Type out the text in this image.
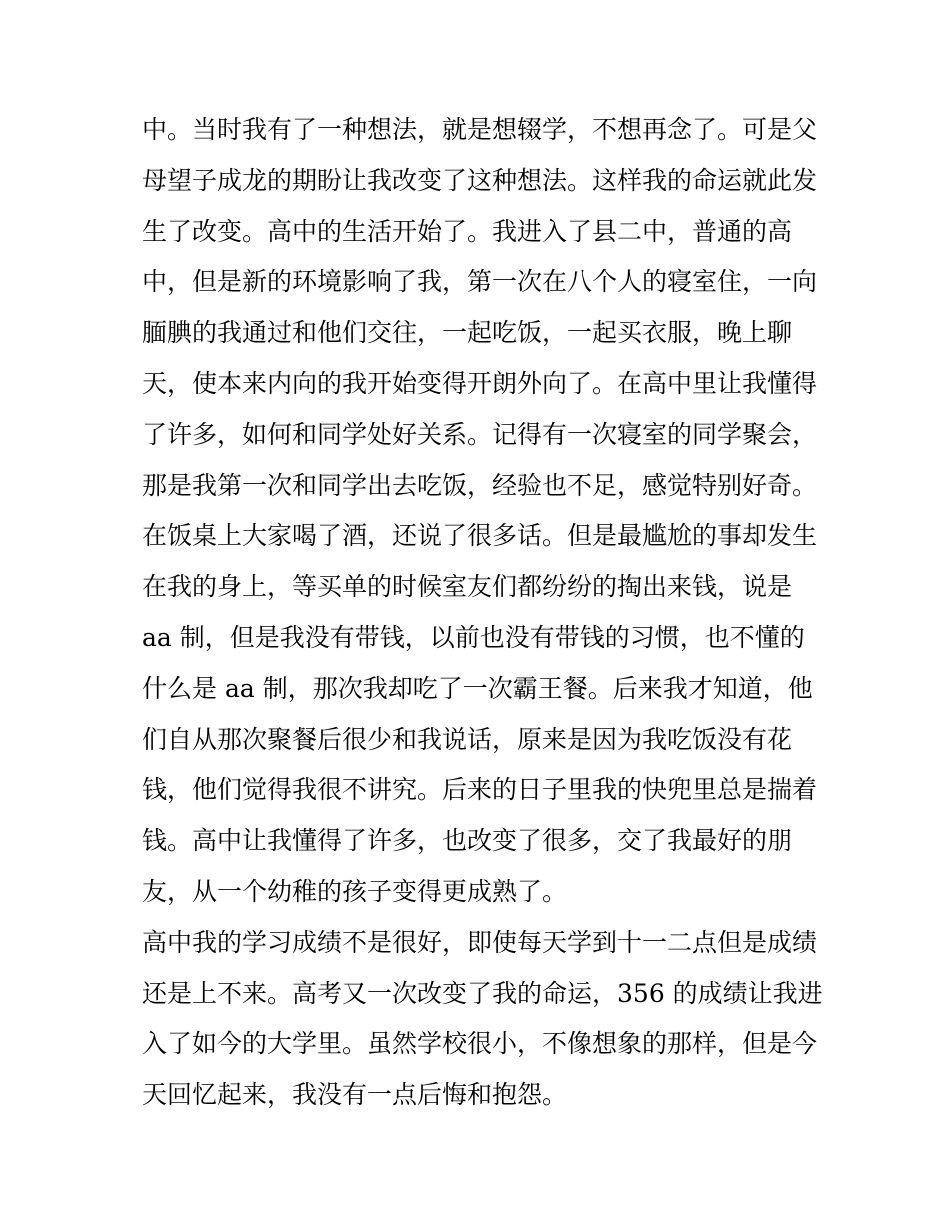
中。当时我有了一种想法，就是想辍学，不想再念了。可是父
母望子成龙的期盼让我改变了这种想法。这样我的命运就此发
生了改变。高中的生活开始了。我进入了县二中，普通的高
中，但是新的环境影响了我，第一次在八个人的寝室住，一向
腼腆的我通过和他们交往，一起吃饭，一起买衣服，晚上聊
天，使本来内向的我开始变得开朗外向了。在高中里让我懂得
了许多，如何和同学处好关系。记得有一次寝室的同学聚会，
那是我第一次和同学出去吃饭，经验也不足，感觉特别好奇。
在饭桌上大家喝了酒，还说了很多话。但是最尴尬的事却发生
在我的身上，等买单的时候室友们都纷纷的掏出来钱，说是
aa 制，但是我没有带钱，以前也没有带钱的习惯，也不懂的
什么是 aa 制，那次我却吃了一次霸王餐。后来我才知道，他
们自从那次聚餐后很少和我说话，原来是因为我吃饭没有花
钱，他们觉得我很不讲究。后来的日子里我的快兜里总是揣着
钱。高中让我懂得了许多，也改变了很多，交了我最好的朋
友，从一个幼稚的孩子变得更成熟了。
高中我的学习成绩不是很好，即使每天学到十一二点但是成绩
还是上不来。高考又一次改变了我的命运，356 的成绩让我进
入了如今的大学里。虽然学校很小，不像想象的那样，但是今
天回忆起来，我没有一点后悔和抱怨。
